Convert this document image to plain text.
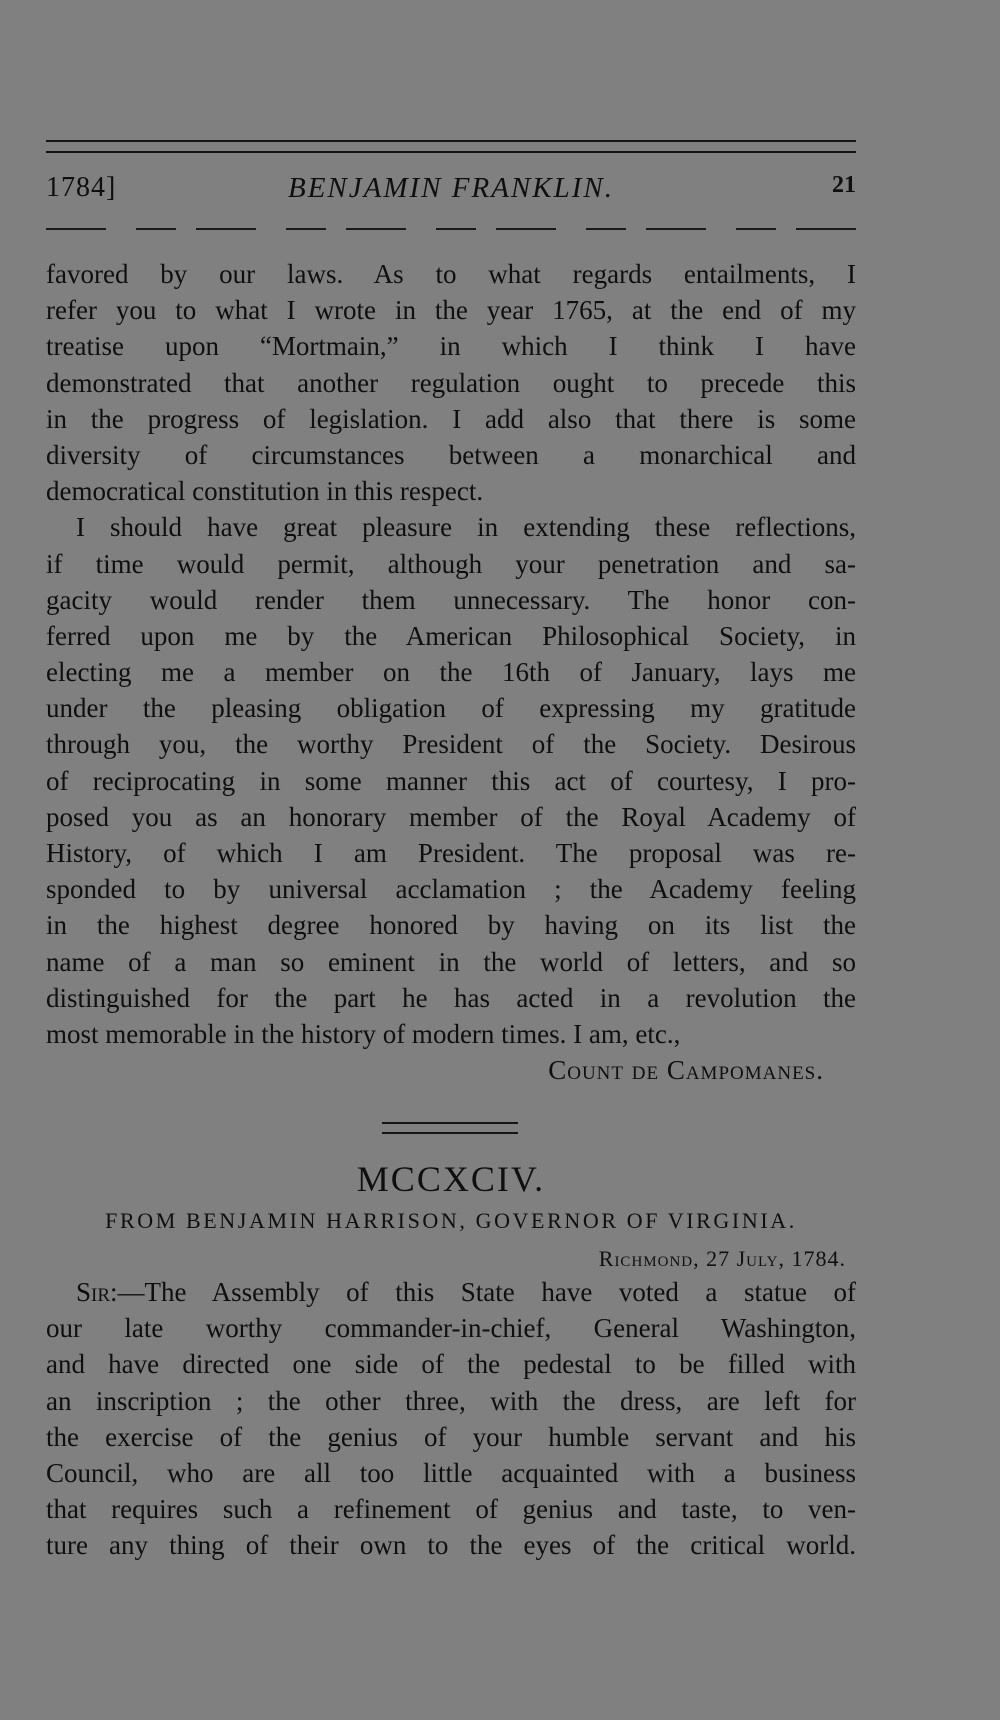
1784]	BENJAMIN FRANKLIN.	21
favored by our laws. As to what regards entailments, I
refer you to what I wrote in the year 1765, at the end of my
treatise upon “Mortmain,” in which I think I have
demonstrated that another regulation ought to precede this
in the progress of legislation. I add also that there is some
diversity of circumstances between a monarchical and
democratical constitution in this respect.
I should have great pleasure in extending these reflections,
if time would permit, although your penetration and sa-
gacity would render them unnecessary. The honor con-
ferred upon me by the American Philosophical Society, in
electing me a member on the 16th of January, lays me
under the pleasing obligation of expressing my gratitude
through you, the worthy President of the Society. Desirous
of reciprocating in some manner this act of courtesy, I pro-
posed you as an honorary member of the Royal Academy of
History, of which I am President. The proposal was re-
sponded to by universal acclamation ; the Academy feeling
in the highest degree honored by having on its list the
name of a man so eminent in the world of letters, and so
distinguished for the part he has acted in a revolution the
most memorable in the history of modern times. I am, etc.,
Count de Campomanes.
MCCXCIV.
FROM BENJAMIN HARRISON, GOVERNOR OF VIRGINIA.
Richmond, 27 July, 1784.
Sir:—The Assembly of this State have voted a statue of
our late worthy commander-in-chief, General Washington,
and have directed one side of the pedestal to be filled with
an inscription ; the other three, with the dress, are left for
the exercise of the genius of your humble servant and his
Council, who are all too little acquainted with a business
that requires such a refinement of genius and taste, to ven-
ture any thing of their own to the eyes of the critical world.
